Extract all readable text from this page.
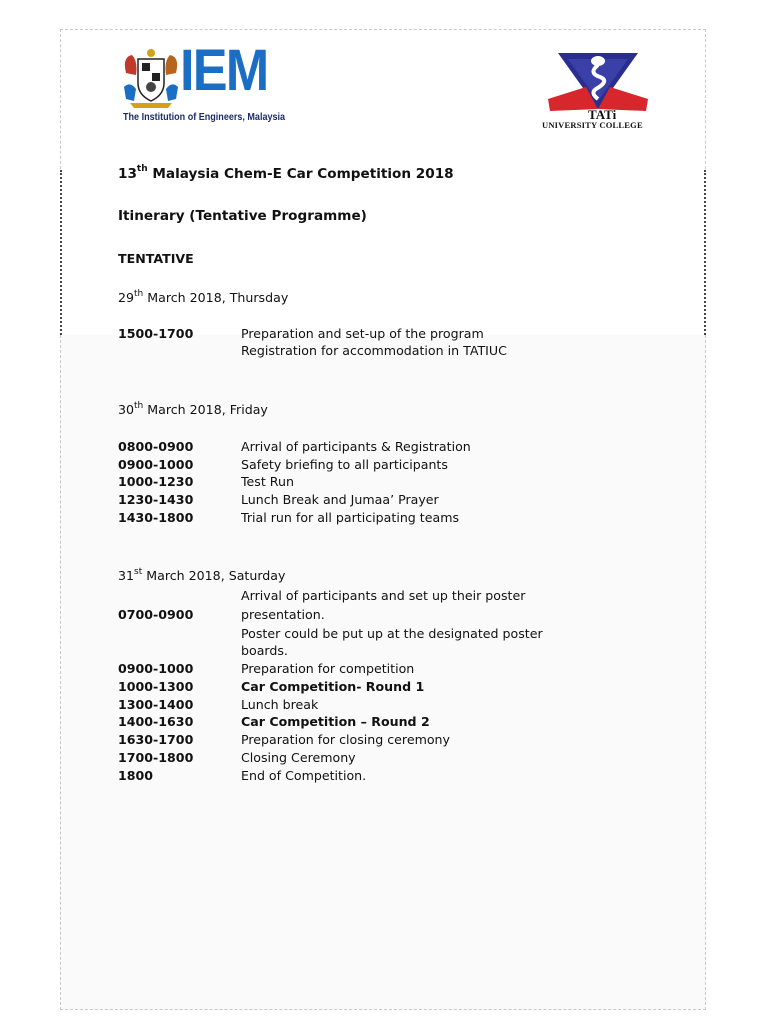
IEM
The Institution of Engineers, Malaysia	TATi
UNIVERSITY COLLEGE
13th Malaysia Chem-E Car Competition 2018
Itinerary (Tentative Programme)
TENTATIVE
29th March 2018, Thursday
1500-1700	Preparation and set-up of the program
Registration for accommodation in TATIUC
30th March 2018, Friday
0800-0900	Arrival of participants & Registration
0900-1000	Safety briefing to all participants
1000-1230	Test Run
1230-1430	Lunch Break and Jumaa’ Prayer
1430-1800	Trial run for all participating teams
31st March 2018, Saturday
Arrival of participants and set up their poster
0700-0900	presentation.
Poster could be put up at the designated poster
boards.
0900-1000	Preparation for competition
1000-1300	Car Competition- Round 1
1300-1400	Lunch break
1400-1630	Car Competition – Round 2
1630-1700	Preparation for closing ceremony
1700-1800	Closing Ceremony
1800	End of Competition.
